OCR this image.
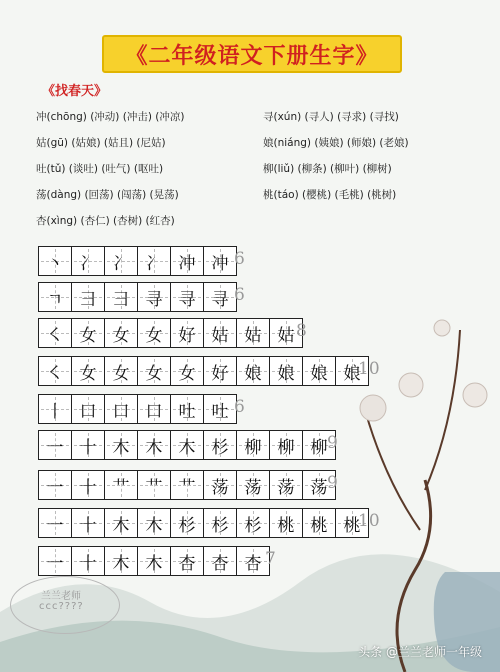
《二年级语文下册生字》
《找春天》
冲(chōng) (冲动) (冲击) (冲凉)
姑(gū) (姑娘) (姑且) (尼姑)
吐(tǔ) (谈吐) (吐气) (呕吐)
荡(dàng) (回荡) (闯荡) (晃荡)
杏(xìng) (杏仁) (杏树) (红杏)
寻(xún) (寻人) (寻求) (寻找)
娘(niáng) (姨娘) (师娘) (老娘)
柳(liǔ) (柳条) (柳叶) (柳树)
桃(táo) (樱桃) (毛桃) (桃树)
丶 冫 冫 冫 冲 冲 6
ㄱ 彐 彐 寻 寻 寻 6
㇛ 女 女 女 好 姑 姑 姑 8
㇛ 女 女 女 女 好 娘 娘 娘 娘
10
丨 口 口 口 吐 吐 6
一 十 木 木 木 杉 柳 柳 柳 9
一 十 艹 艹 艹 荡 荡 荡 荡 9
一 十 木 木 杉 杉 杉 桃 桃 桃
10
一 十 木 木 杏 杏 杏 7
兰兰老师
ccc????
头条 @兰兰老师一年级
